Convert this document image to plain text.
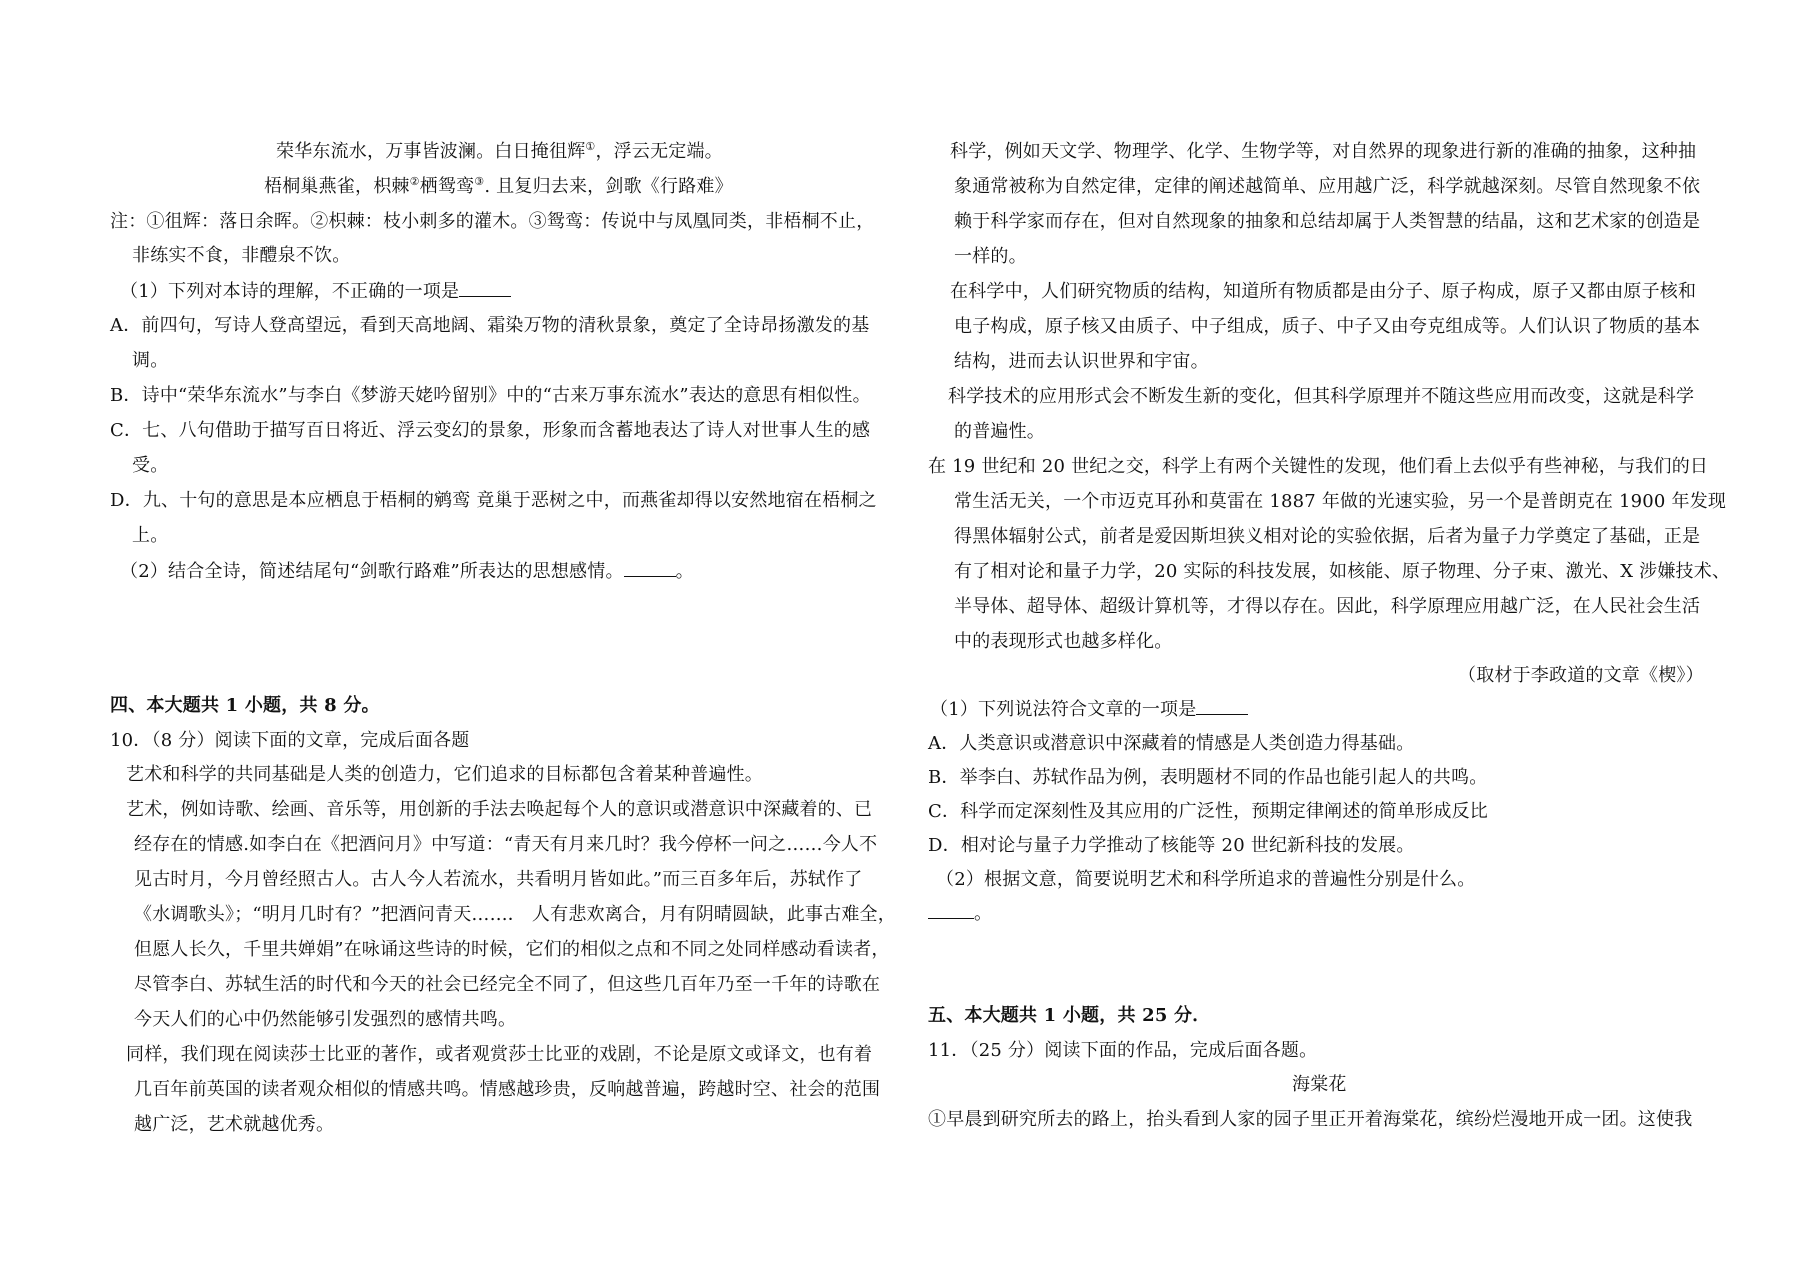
荣华东流水，万事皆波澜。白日掩徂辉①，浮云无定端。
梧桐巢燕雀，枳棘②栖鸳鸾③. 且复归去来，剑歌《行路难》
注：①徂辉：落日余晖。②枳棘：枝小刺多的灌木。③鸳鸾：传说中与凤凰同类，非梧桐不止，
非练实不食，非醴泉不饮。
（1）下列对本诗的理解，不正确的一项是
A．前四句，写诗人登高望远，看到天高地阔、霜染万物的清秋景象，奠定了全诗昂扬激发的基
调。
B．诗中“荣华东流水”与李白《梦游天姥吟留别》中的“古来万事东流水”表达的意思有相似性。
C．七、八句借助于描写百日将近、浮云变幻的景象，形象而含蓄地表达了诗人对世事人生的感
受。
D．九、十句的意思是本应栖息于梧桐的鹓鸾 竟巢于恶树之中，而燕雀却得以安然地宿在梧桐之
上。
（2）结合全诗，简述结尾句“剑歌行路难”所表达的思想感情。	。
四、本大题共 1 小题，共 8 分。
10．（8 分）阅读下面的文章，完成后面各题
艺术和科学的共同基础是人类的创造力，它们追求的目标都包含着某种普遍性。
艺术，例如诗歌、绘画、音乐等，用创新的手法去唤起每个人的意识或潜意识中深藏着的、已
经存在的情感.如李白在《把酒问月》中写道：“青天有月来几时？我今停杯一问之……今人不
见古时月，今月曾经照古人。古人今人若流水，共看明月皆如此。”而三百多年后，苏轼作了
《水调歌头》；“明月几时有？”把酒问青天……． 人有悲欢离合，月有阴晴圆缺，此事古难全，
但愿人长久，千里共婵娟”在咏诵这些诗的时候，它们的相似之点和不同之处同样感动看读者，
尽管李白、苏轼生活的时代和今天的社会已经完全不同了，但这些几百年乃至一千年的诗歌在
今天人们的心中仍然能够引发强烈的感情共鸣。
同样，我们现在阅读莎士比亚的著作，或者观赏莎士比亚的戏剧，不论是原文或译文，也有着
几百年前英国的读者观众相似的情感共鸣。情感越珍贵，反响越普遍，跨越时空、社会的范围
越广泛，艺术就越优秀。
科学，例如天文学、物理学、化学、生物学等，对自然界的现象进行新的准确的抽象，这种抽
象通常被称为自然定律，定律的阐述越简单、应用越广泛，科学就越深刻。尽管自然现象不依
赖于科学家而存在，但对自然现象的抽象和总结却属于人类智慧的结晶，这和艺术家的创造是
一样的。
在科学中，人们研究物质的结构，知道所有物质都是由分子、原子构成，原子又都由原子核和
电子构成，原子核又由质子、中子组成，质子、中子又由夸克组成等。人们认识了物质的基本
结构，进而去认识世界和宇宙。
科学技术的应用形式会不断发生新的变化，但其科学原理并不随这些应用而改变，这就是科学
的普遍性。
在 19 世纪和 20 世纪之交，科学上有两个关键性的发现，他们看上去似乎有些神秘，与我们的日
常生活无关，一个市迈克耳孙和莫雷在 1887 年做的光速实验，另一个是普朗克在 1900 年发现
得黑体辐射公式，前者是爱因斯坦狭义相对论的实验依据，后者为量子力学奠定了基础，正是
有了相对论和量子力学，20 实际的科技发展，如核能、原子物理、分子束、激光、X 涉嫌技术、
半导体、超导体、超级计算机等，才得以存在。因此，科学原理应用越广泛，在人民社会生活
中的表现形式也越多样化。
（取材于李政道的文章《楔》）
（1）下列说法符合文章的一项是
A．人类意识或潜意识中深藏着的情感是人类创造力得基础。
B．举李白、苏轼作品为例，表明题材不同的作品也能引起人的共鸣。
C．科学而定深刻性及其应用的广泛性，预期定律阐述的简单形成反比
D．相对论与量子力学推动了核能等 20 世纪新科技的发展。
（2）根据文意，简要说明艺术和科学所追求的普遍性分别是什么。
。
五、本大题共 1 小题，共 25 分．
11．（25 分）阅读下面的作品，完成后面各题。
海棠花
①早晨到研究所去的路上，抬头看到人家的园子里正开着海棠花，缤纷烂漫地开成一团。这使我
